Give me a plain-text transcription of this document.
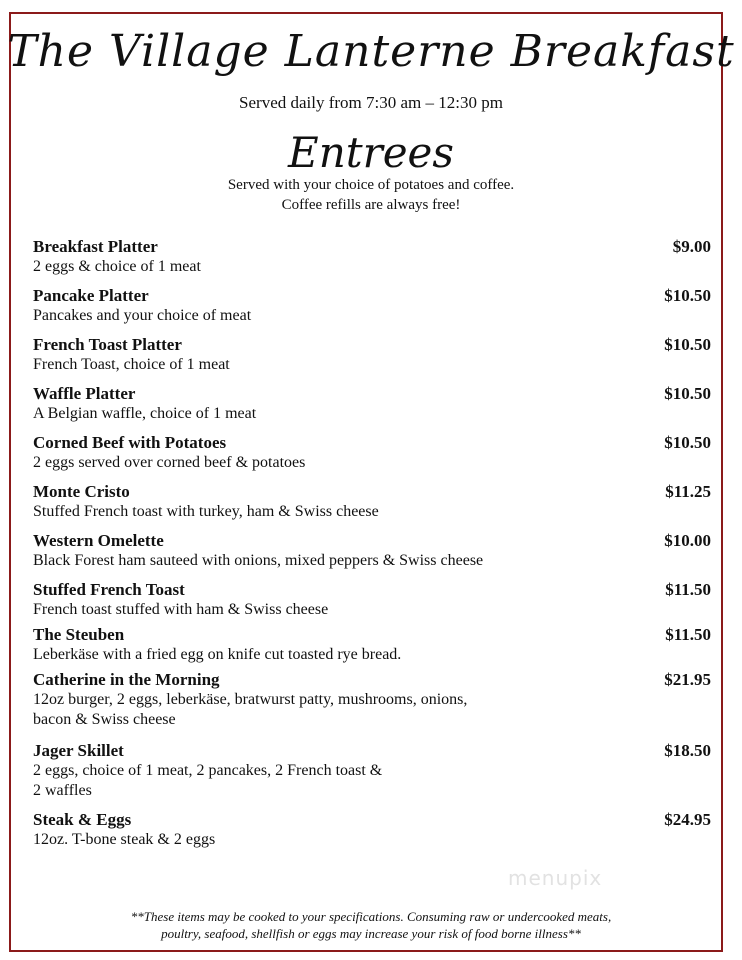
The Village Lanterne Breakfast
Served daily from 7:30 am – 12:30 pm
Entrees
Served with your choice of potatoes and coffee.
Coffee refills are always free!
Breakfast Platter
2 eggs & choice of 1 meat
$9.00
Pancake Platter
Pancakes and your choice of meat
$10.50
French Toast Platter
French Toast, choice of 1 meat
$10.50
Waffle Platter
A Belgian waffle, choice of 1 meat
$10.50
Corned Beef with Potatoes
2 eggs served over corned beef & potatoes
$10.50
Monte Cristo
Stuffed French toast with turkey, ham & Swiss cheese
$11.25
Western Omelette
Black Forest ham sauteed with onions, mixed peppers & Swiss cheese
$10.00
Stuffed French Toast
French toast stuffed with ham & Swiss cheese
$11.50
The Steuben
Leberkäse with a fried egg on knife cut toasted rye bread.
$11.50
Catherine in the Morning
12oz burger, 2 eggs, leberkäse, bratwurst patty, mushrooms, onions,
bacon & Swiss cheese
$21.95
Jager Skillet
2 eggs, choice of 1 meat, 2 pancakes, 2 French toast &
2 waffles
$18.50
Steak & Eggs
12oz. T-bone steak & 2 eggs
$24.95
menupix
**These items may be cooked to your specifications. Consuming raw or undercooked meats,
poultry, seafood, shellfish or eggs may increase your risk of food borne illness**
